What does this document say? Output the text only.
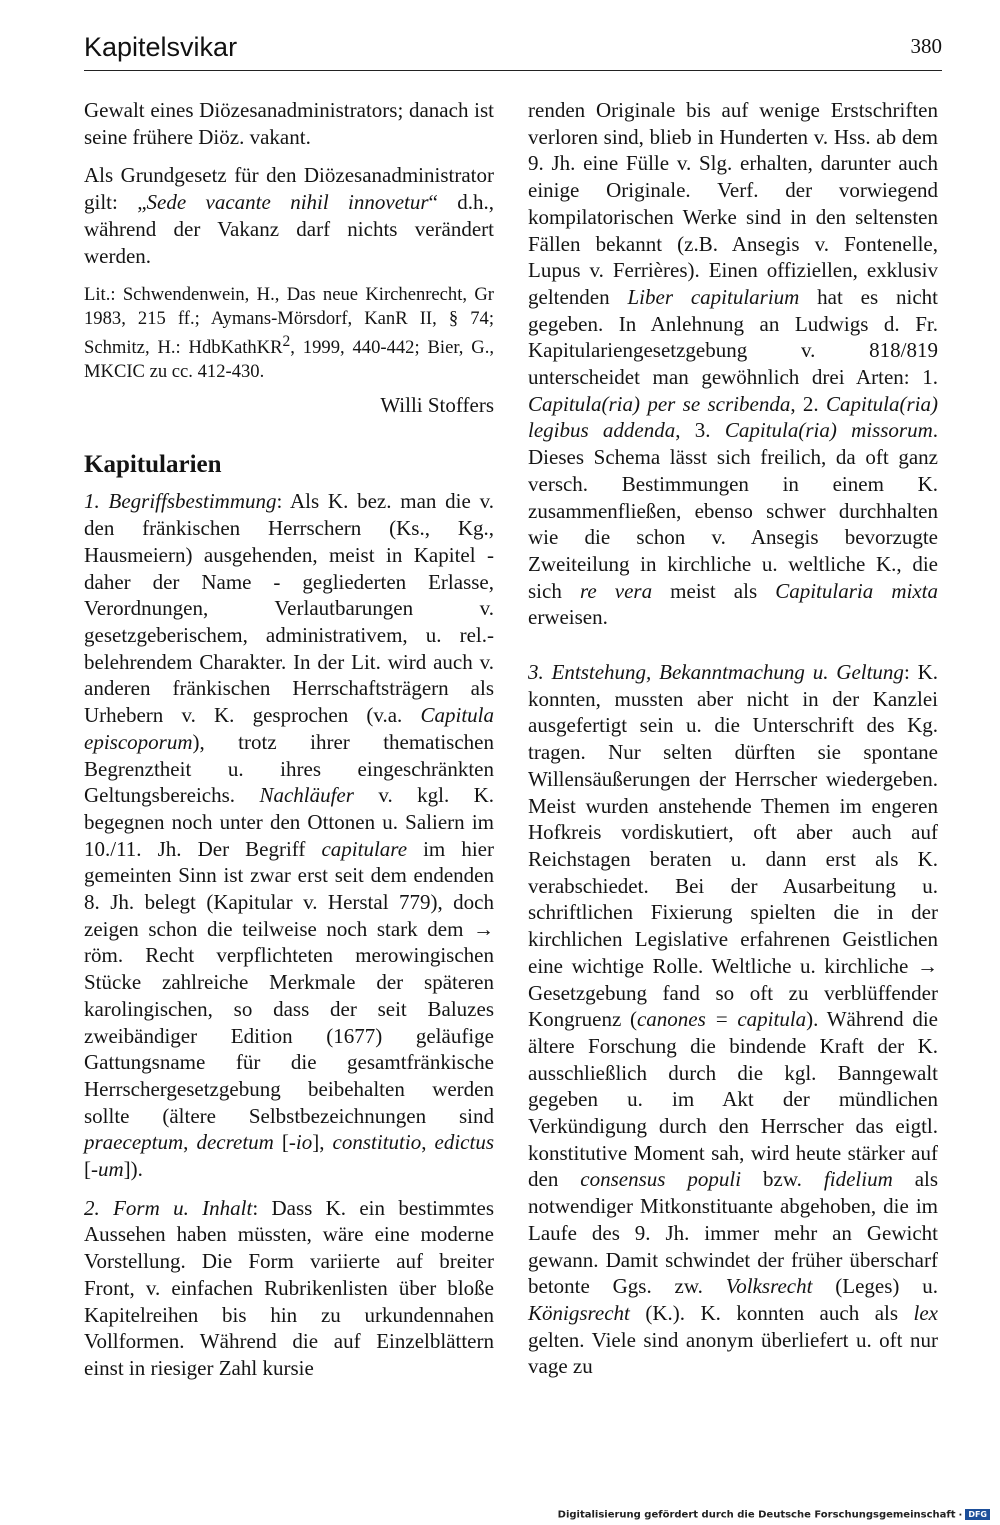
Kapitelsvikar	380

Gewalt eines Diözesanadministrators; danach ist seine frühere Diöz. vakant.

Als Grundgesetz für den Diözesanadministrator gilt: „Sede vacante nihil innovetur“ d.h., während der Vakanz darf nichts verändert werden.

Lit.: Schwendenwein, H., Das neue Kirchenrecht, Gr 1983, 215 ff.; Aymans-Mörsdorf, KanR II, § 74; Schmitz, H.: HdbKathKR$^2$, 1999, 440-442; Bier, G., MKCIC zu cc. 412-430.

Willi Stoffers

Kapitularien

1. Begriffsbestimmung: Als K. bez. man die v. den fränkischen Herrschern (Ks., Kg., Hausmeiern) ausgehenden, meist in Kapitel - daher der Name - gegliederten Erlasse, Verordnungen, Verlautbarungen v. gesetzgeberischem, administrativem, u. rel.-belehrendem Charakter. In der Lit. wird auch v. anderen fränkischen Herrschaftsträgern als Urhebern v. K. gesprochen (v.a. Capitula episcoporum), trotz ihrer thematischen Begrenztheit u. ihres eingeschränkten Geltungsbereichs. Nachläufer v. kgl. K. begegnen noch unter den Ottonen u. Saliern im 10./11. Jh. Der Begriff capitulare im hier gemeinten Sinn ist zwar erst seit dem endenden 8. Jh. belegt (Kapitular v. Herstal 779), doch zeigen schon die teilweise noch stark dem → röm. Recht verpflichteten merowingischen Stücke zahlreiche Merkmale der späteren karolingischen, so dass der seit Baluzes zweibändiger Edition (1677) geläufige Gattungsname für die gesamtfränkische Herrschergesetzgebung beibehalten werden sollte (ältere Selbstbezeichnungen sind praeceptum, decretum [-io], constitutio, edictus [-um]).

2. Form u. Inhalt: Dass K. ein bestimmtes Aussehen haben müssten, wäre eine moderne Vorstellung. Die Form variierte auf breiter Front, v. einfachen Rubrikenlisten über bloße Kapitelreihen bis hin zu urkundennahen Vollformen. Während die auf Einzelblättern einst in riesiger Zahl kursie

renden Originale bis auf wenige Erstschriften verloren sind, blieb in Hunderten v. Hss. ab dem 9. Jh. eine Fülle v. Slg. erhalten, darunter auch einige Originale. Verf. der vorwiegend kompilatorischen Werke sind in den seltensten Fällen bekannt (z.B. Ansegis v. Fontenelle, Lupus v. Ferrières). Einen offiziellen, exklusiv geltenden Liber capitularium hat es nicht gegeben. In Anlehnung an Ludwigs d. Fr. Kapitulariengesetzgebung v. 818/819 unterscheidet man gewöhnlich drei Arten: 1. Capitula(ria) per se scribenda, 2. Capitula(ria) legibus addenda, 3. Capitula(ria) missorum. Dieses Schema lässt sich freilich, da oft ganz versch. Bestimmungen in einem K. zusammenfließen, ebenso schwer durchhalten wie die schon v. Ansegis bevorzugte Zweiteilung in kirchliche u. weltliche K., die sich re vera meist als Capitularia mixta erweisen.

3. Entstehung, Bekanntmachung u. Geltung: K. konnten, mussten aber nicht in der Kanzlei ausgefertigt sein u. die Unterschrift des Kg. tragen. Nur selten dürften sie spontane Willensäußerungen der Herrscher wiedergeben. Meist wurden anstehende Themen im engeren Hofkreis vordiskutiert, oft aber auch auf Reichstagen beraten u. dann erst als K. verabschiedet. Bei der Ausarbeitung u. schriftlichen Fixierung spielten die in der kirchlichen Legislative erfahrenen Geistlichen eine wichtige Rolle. Weltliche u. kirchliche → Gesetzgebung fand so oft zu verblüffender Kongruenz (canones = capitula). Während die ältere Forschung die bindende Kraft der K. ausschließlich durch die kgl. Banngewalt gegeben u. im Akt der mündlichen Verkündigung durch den Herrscher das eigtl. konstitutive Moment sah, wird heute stärker auf den consensus populi bzw. fidelium als notwendiger Mitkonstituante abgehoben, die im Laufe des 9. Jh. immer mehr an Gewicht gewann. Damit schwindet der früher überscharf betonte Ggs. zw. Volksrecht (Leges) u. Königsrecht (K.). K. konnten auch als lex gelten. Viele sind anonym überliefert u. oft nur vage zu

Digitalisierung gefördert durch die Deutsche Forschungsgemeinschaft · DFG
